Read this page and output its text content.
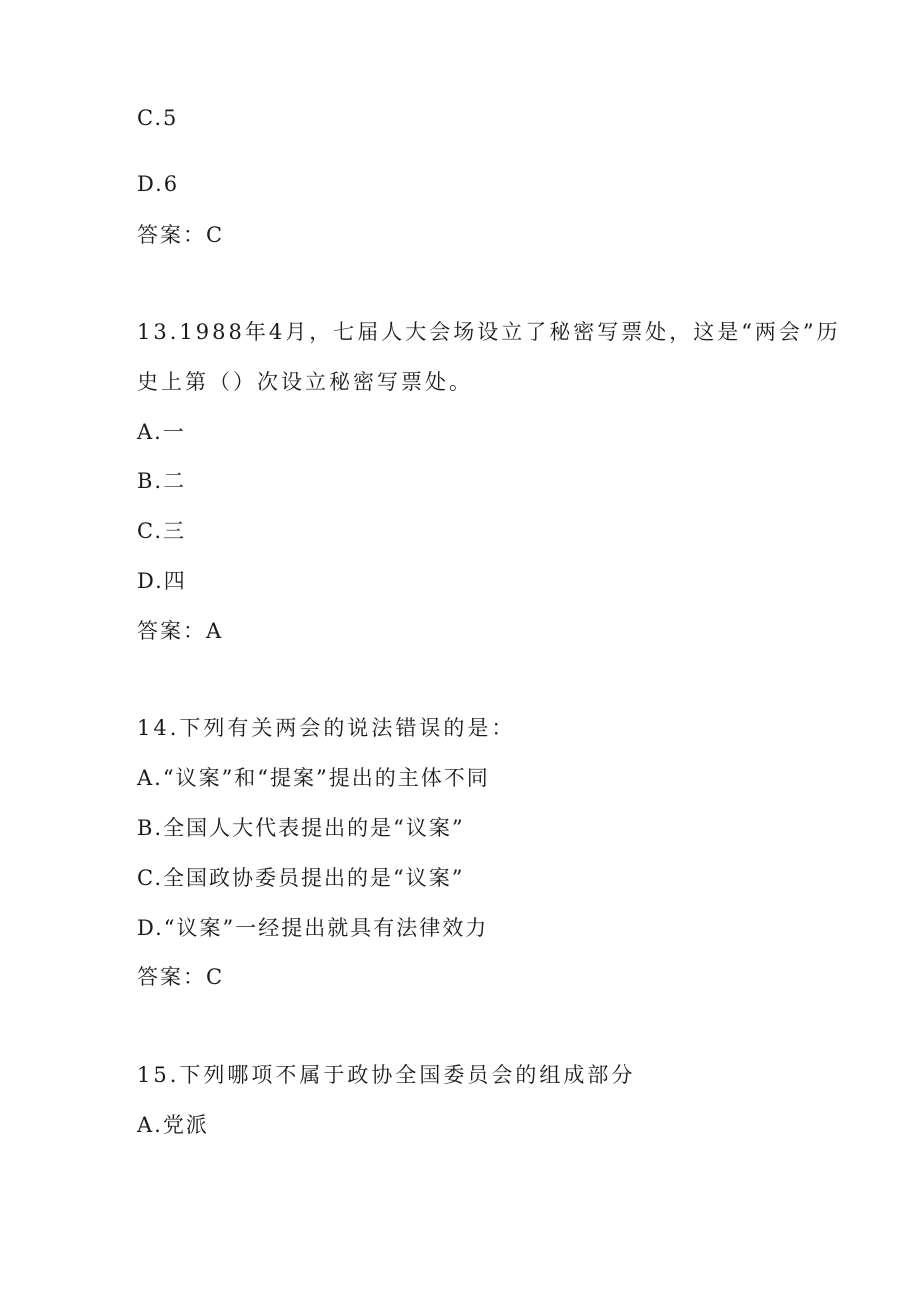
C.5
D.6
答案：C
13.1988年4月，七届人大会场设立了秘密写票处，这是“两会”历
史上第（）次设立秘密写票处。
A.一
B.二
C.三
D.四
答案：A
14.下列有关两会的说法错误的是：
A.“议案”和“提案”提出的主体不同
B.全国人大代表提出的是“议案”
C.全国政协委员提出的是“议案”
D.“议案”一经提出就具有法律效力
答案：C
15.下列哪项不属于政协全国委员会的组成部分
A.党派
